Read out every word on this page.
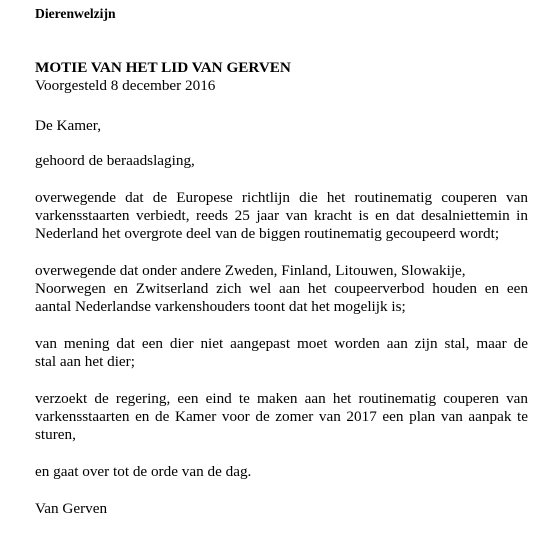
Dierenwelzijn
MOTIE VAN HET LID VAN GERVEN
Voorgesteld 8 december 2016
De Kamer,
gehoord de beraadslaging,
overwegende dat de Europese richtlijn die het routinematig couperen van
varkensstaarten verbiedt, reeds 25 jaar van kracht is en dat desalniettemin in
Nederland het overgrote deel van de biggen routinematig gecoupeerd wordt;
overwegende dat onder andere Zweden, Finland, Litouwen, Slowakije,
Noorwegen en Zwitserland zich wel aan het coupeerverbod houden en een
aantal Nederlandse varkenshouders toont dat het mogelijk is;
van mening dat een dier niet aangepast moet worden aan zijn stal, maar de
stal aan het dier;
verzoekt de regering, een eind te maken aan het routinematig couperen van
varkensstaarten en de Kamer voor de zomer van 2017 een plan van aanpak te
sturen,
en gaat over tot de orde van de dag.
Van Gerven
